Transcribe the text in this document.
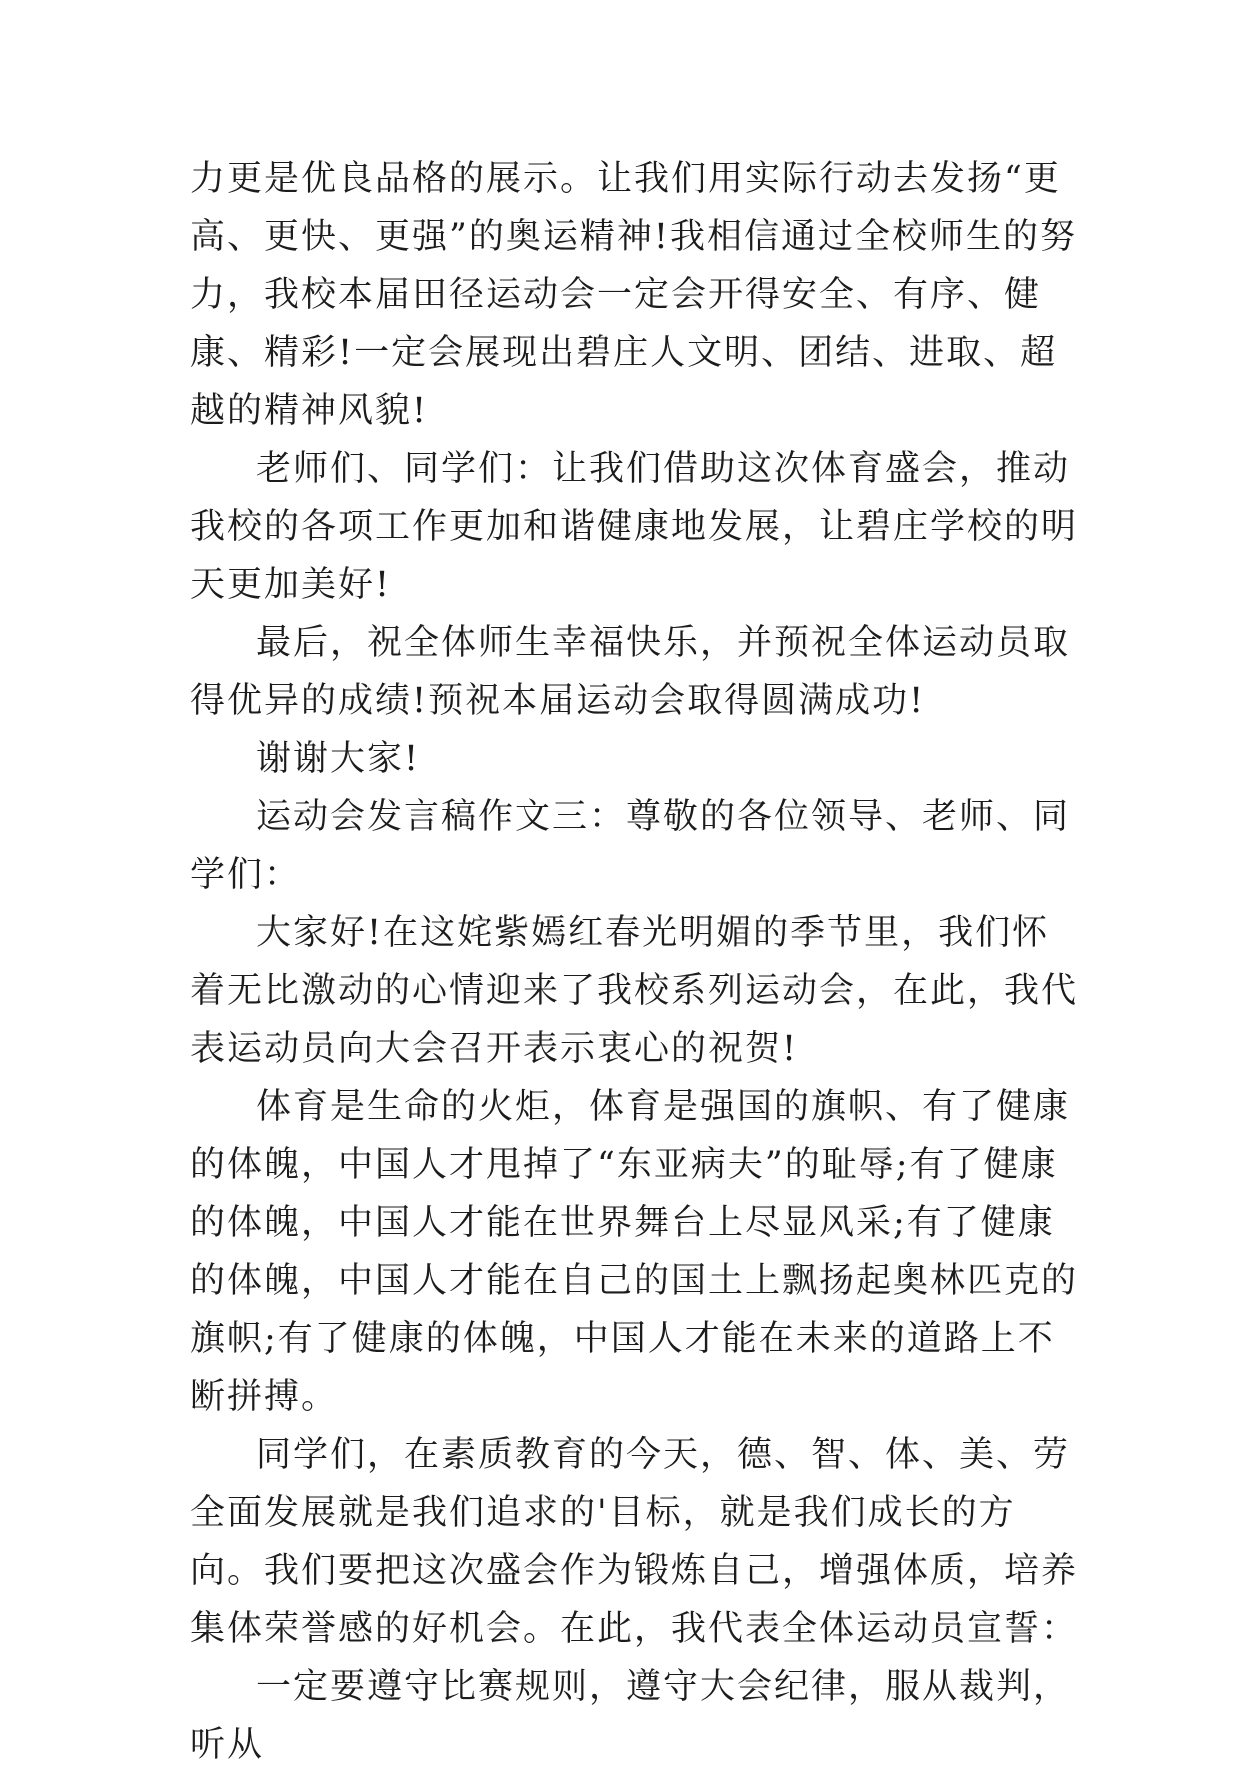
力更是优良品格的展示。让我们用实际行动去发扬“更高、更快、更强”的奥运精神!我相信通过全校师生的努力，我校本届田径运动会一定会开得安全、有序、健康、精彩!一定会展现出碧庄人文明、团结、进取、超越的精神风貌!

老师们、同学们：让我们借助这次体育盛会，推动我校的各项工作更加和谐健康地发展，让碧庄学校的明天更加美好!

最后，祝全体师生幸福快乐，并预祝全体运动员取得优异的成绩!预祝本届运动会取得圆满成功!

谢谢大家!

运动会发言稿作文三：尊敬的各位领导、老师、同学们：

大家好!在这姹紫嫣红春光明媚的季节里，我们怀着无比激动的心情迎来了我校系列运动会，在此，我代表运动员向大会召开表示衷心的祝贺!

体育是生命的火炬，体育是强国的旗帜、有了健康的体魄，中国人才甩掉了“东亚病夫”的耻辱;有了健康的体魄，中国人才能在世界舞台上尽显风采;有了健康的体魄，中国人才能在自己的国土上飘扬起奥林匹克的旗帜;有了健康的体魄，中国人才能在未来的道路上不断拼搏。

同学们，在素质教育的今天，德、智、体、美、劳全面发展就是我们追求的'目标，就是我们成长的方向。我们要把这次盛会作为锻炼自己，增强体质，培养集体荣誉感的好机会。在此，我代表全体运动员宣誓：

一定要遵守比赛规则，遵守大会纪律，服从裁判，听从
